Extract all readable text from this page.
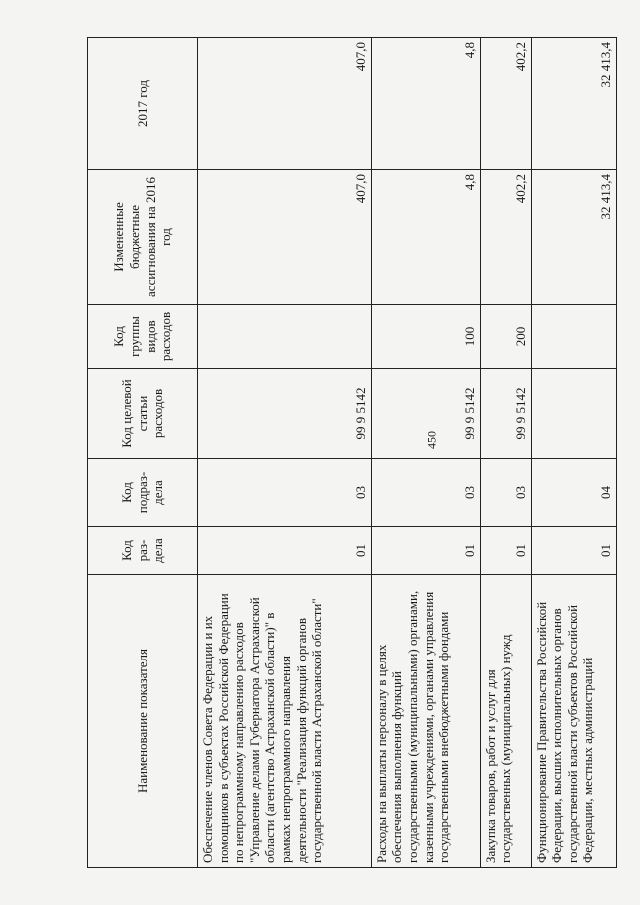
450
Наименование показателя	Код раз-дела	Код подраз-дела	Код целевой статьи расходов	Код группы видов расходов	Измененные бюджетные ассигнования на 2016 год	2017 год
Обеспечение членов Совета Федерации и их помощников в субъектах Российской Федерации по непрограммному направлению расходов "Управление делами Губернатора Астраханской области (агентство Астраханской области)" в рамках непрограммного направления деятельности "Реализация функций органов государственной власти Астраханской области"	01	03	99 9 5142		407,0	407,0
Расходы на выплаты персоналу в целях обеспечения выполнения функций государственными (муниципальными) органами, казенными учреждениями, органами управления государственными внебюджетными фондами	01	03	99 9 5142	100	4,8	4,8
Закупка товаров, работ и услуг для государственных (муниципальных) нужд	01	03	99 9 5142	200	402,2	402,2
Функционирование Правительства Российской Федерации, высших исполнительных органов государственной власти субъектов Российской Федерации, местных администраций	01	04			32 413,4	32 413,4
